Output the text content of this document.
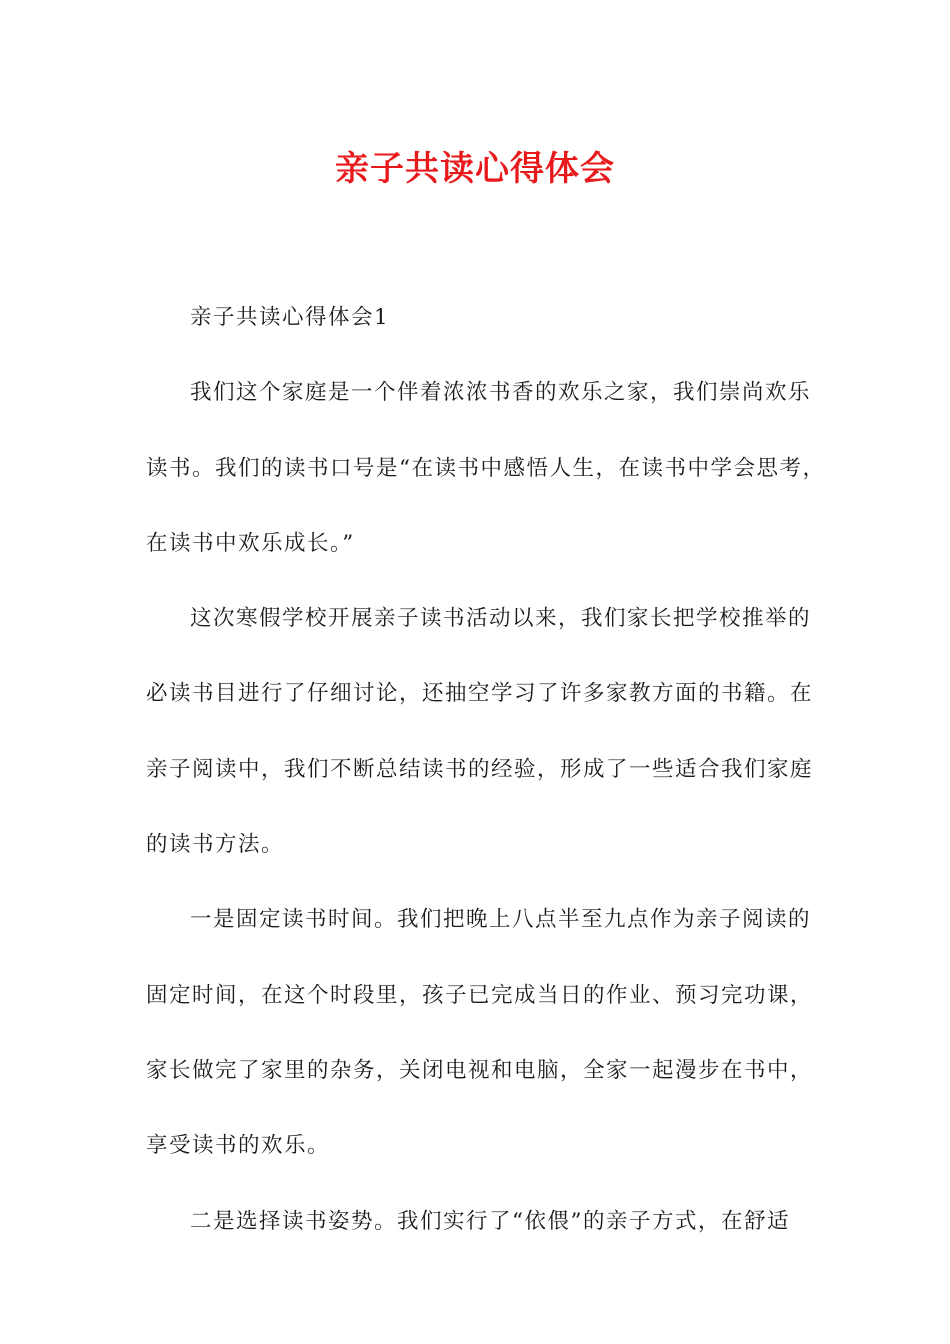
亲子共读心得体会
亲子共读心得体会1
我们这个家庭是一个伴着浓浓书香的欢乐之家，我们崇尚欢乐
读书。我们的读书口号是“在读书中感悟人生，在读书中学会思考，
在读书中欢乐成长。”
这次寒假学校开展亲子读书活动以来，我们家长把学校推举的
必读书目进行了仔细讨论，还抽空学习了许多家教方面的书籍。在
亲子阅读中，我们不断总结读书的经验，形成了一些适合我们家庭
的读书方法。
一是固定读书时间。我们把晚上八点半至九点作为亲子阅读的
固定时间，在这个时段里，孩子已完成当日的作业、预习完功课，
家长做完了家里的杂务，关闭电视和电脑，全家一起漫步在书中，
享受读书的欢乐。
二是选择读书姿势。我们实行了“依偎”的亲子方式，在舒适
